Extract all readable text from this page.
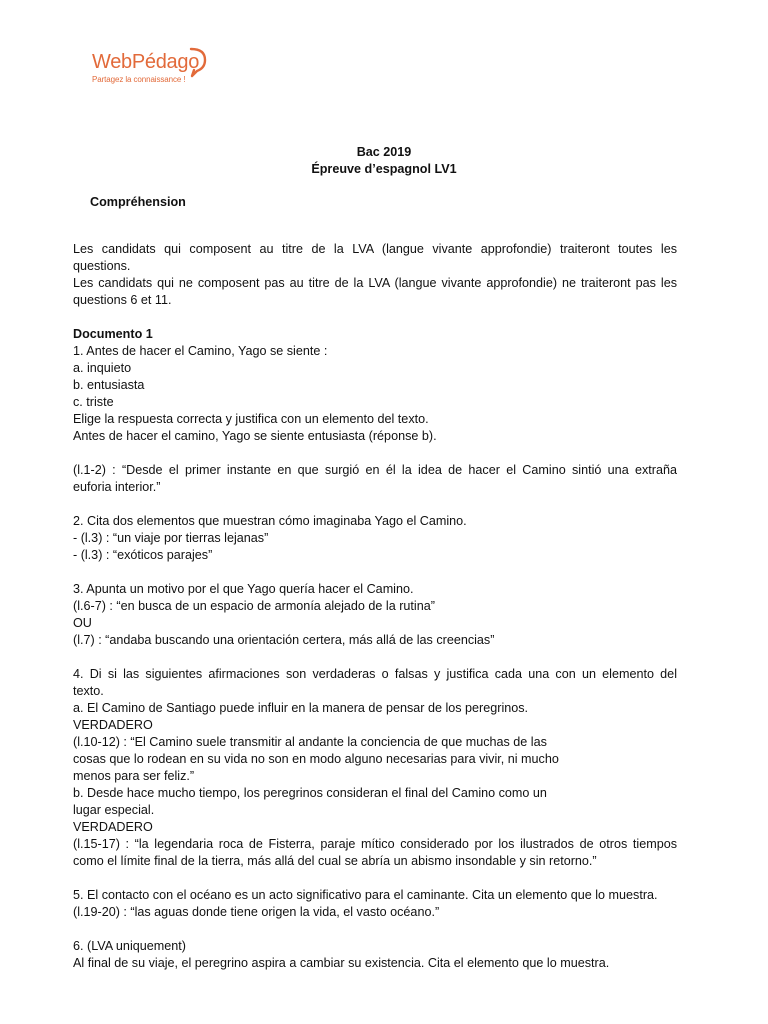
WebPédago
Partagez la connaissance !
Bac 2019
Épreuve d’espagnol LV1
Compréhension
Les candidats qui composent au titre de la LVA (langue vivante approfondie) traiteront toutes les
questions.
Les candidats qui ne composent pas au titre de la LVA (langue vivante approfondie) ne traiteront pas les
questions 6 et 11.
Documento 1
1. Antes de hacer el Camino, Yago se siente :
a. inquieto
b. entusiasta
c. triste
Elige la respuesta correcta y justifica con un elemento del texto.
Antes de hacer el camino, Yago se siente entusiasta (réponse b).
(l.1-2) : “Desde el primer instante en que surgió en él la idea de hacer el Camino sintió una extraña
euforia interior.”
2. Cita dos elementos que muestran cómo imaginaba Yago el Camino.
- (l.3) : “un viaje por tierras lejanas”
- (l.3) : “exóticos parajes”
3. Apunta un motivo por el que Yago quería hacer el Camino.
(l.6-7) : “en busca de un espacio de armonía alejado de la rutina”
OU
(l.7) : “andaba buscando una orientación certera, más allá de las creencias”
4. Di si las siguientes afirmaciones son verdaderas o falsas y justifica cada una con un elemento del
texto.
a. El Camino de Santiago puede influir en la manera de pensar de los peregrinos.
VERDADERO
(l.10-12) : “El Camino suele transmitir al andante la conciencia de que muchas de las
cosas que lo rodean en su vida no son en modo alguno necesarias para vivir, ni mucho
menos para ser feliz.”
b. Desde hace mucho tiempo, los peregrinos consideran el final del Camino como un
lugar especial.
VERDADERO
(l.15-17) : “la legendaria roca de Fisterra, paraje mítico considerado por los ilustrados de otros tiempos
como el límite final de la tierra, más allá del cual se abría un abismo insondable y sin retorno.”
5. El contacto con el océano es un acto significativo para el caminante. Cita un elemento que lo muestra.
(l.19-20) : “las aguas donde tiene origen la vida, el vasto océano.”
6. (LVA uniquement)
Al final de su viaje, el peregrino aspira a cambiar su existencia. Cita el elemento que lo muestra.
